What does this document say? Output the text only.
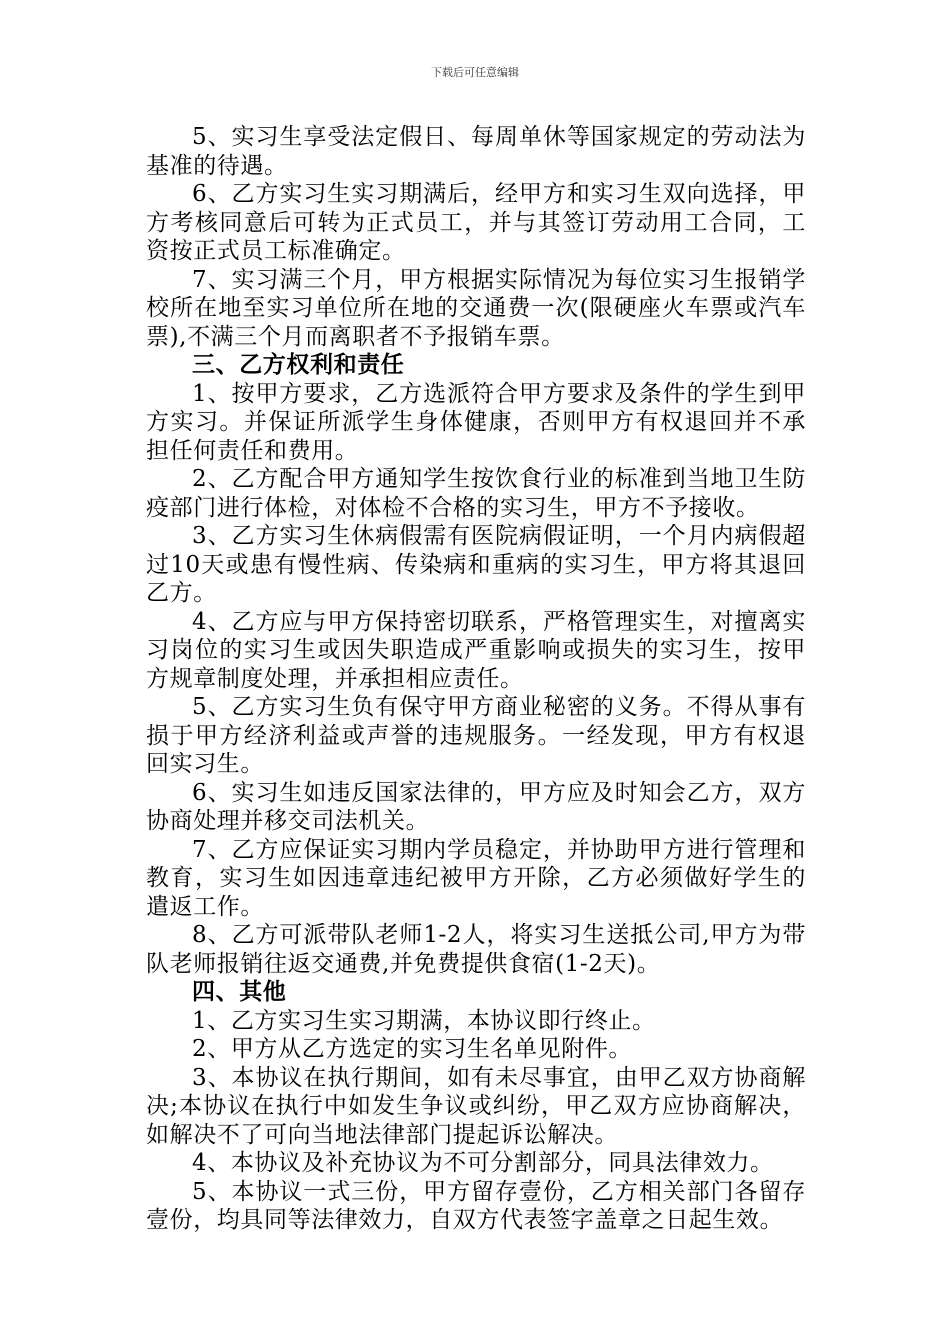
下载后可任意编辑

5、实习生享受法定假日、每周单休等国家规定的劳动法为基准的待遇。

6、乙方实习生实习期满后，经甲方和实习生双向选择，甲方考核同意后可转为正式员工，并与其签订劳动用工合同，工资按正式员工标准确定。

7、实习满三个月，甲方根据实际情况为每位实习生报销学校所在地至实习单位所在地的交通费一次(限硬座火车票或汽车票),不满三个月而离职者不予报销车票。

三、乙方权利和责任

1、按甲方要求，乙方选派符合甲方要求及条件的学生到甲方实习。并保证所派学生身体健康，否则甲方有权退回并不承担任何责任和费用。

2、乙方配合甲方通知学生按饮食行业的标准到当地卫生防疫部门进行体检，对体检不合格的实习生，甲方不予接收。

3、乙方实习生休病假需有医院病假证明，一个月内病假超过10天或患有慢性病、传染病和重病的实习生，甲方将其退回乙方。

4、乙方应与甲方保持密切联系，严格管理实生，对擅离实习岗位的实习生或因失职造成严重影响或损失的实习生，按甲方规章制度处理，并承担相应责任。

5、乙方实习生负有保守甲方商业秘密的义务。不得从事有损于甲方经济利益或声誉的违规服务。一经发现，甲方有权退回实习生。

6、实习生如违反国家法律的，甲方应及时知会乙方，双方协商处理并移交司法机关。

7、乙方应保证实习期内学员稳定，并协助甲方进行管理和教育，实习生如因违章违纪被甲方开除，乙方必须做好学生的遣返工作。

8、乙方可派带队老师1-2人，将实习生送抵公司,甲方为带队老师报销往返交通费,并免费提供食宿(1-2天)。

四、其他

1、乙方实习生实习期满，本协议即行终止。

2、甲方从乙方选定的实习生名单见附件。

3、本协议在执行期间，如有未尽事宜，由甲乙双方协商解决;本协议在执行中如发生争议或纠纷，甲乙双方应协商解决，如解决不了可向当地法律部门提起诉讼解决。

4、本协议及补充协议为不可分割部分，同具法律效力。

5、本协议一式三份，甲方留存壹份，乙方相关部门各留存壹份，均具同等法律效力，自双方代表签字盖章之日起生效。
